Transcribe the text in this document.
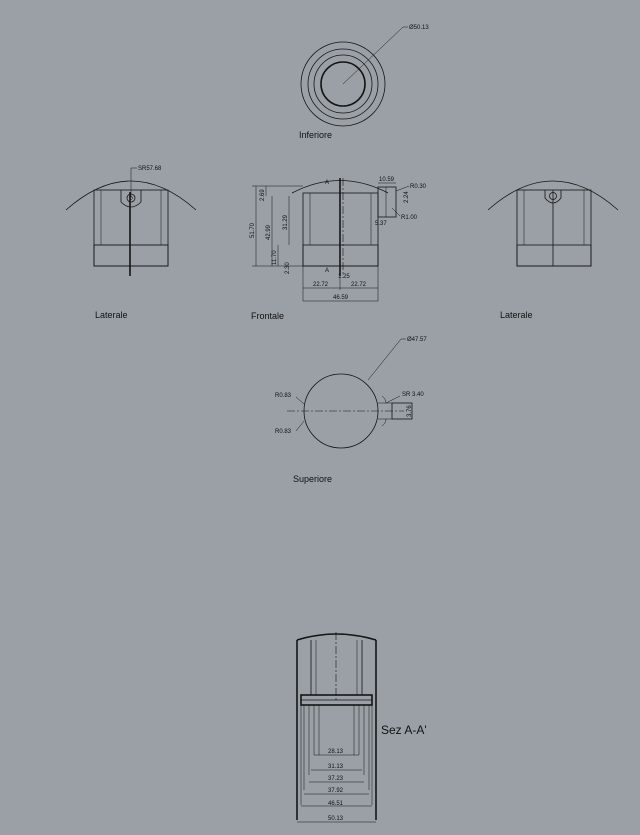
Ø50.13
Inferiore
SR57.68
Laterale
A
A
10.59
R0.30
2.24
R1.00
5.37
51.70
2.69
42.99
31.29
11.70
2.30
1.25
22.72	22.72
46.59
Frontale	Laterale
Ø47.57
SR 3.40
3.76
R0.83
R0.83
Superiore
28.13
31.13
37.23
37.92
46.51
50.13
Sez A-A'
